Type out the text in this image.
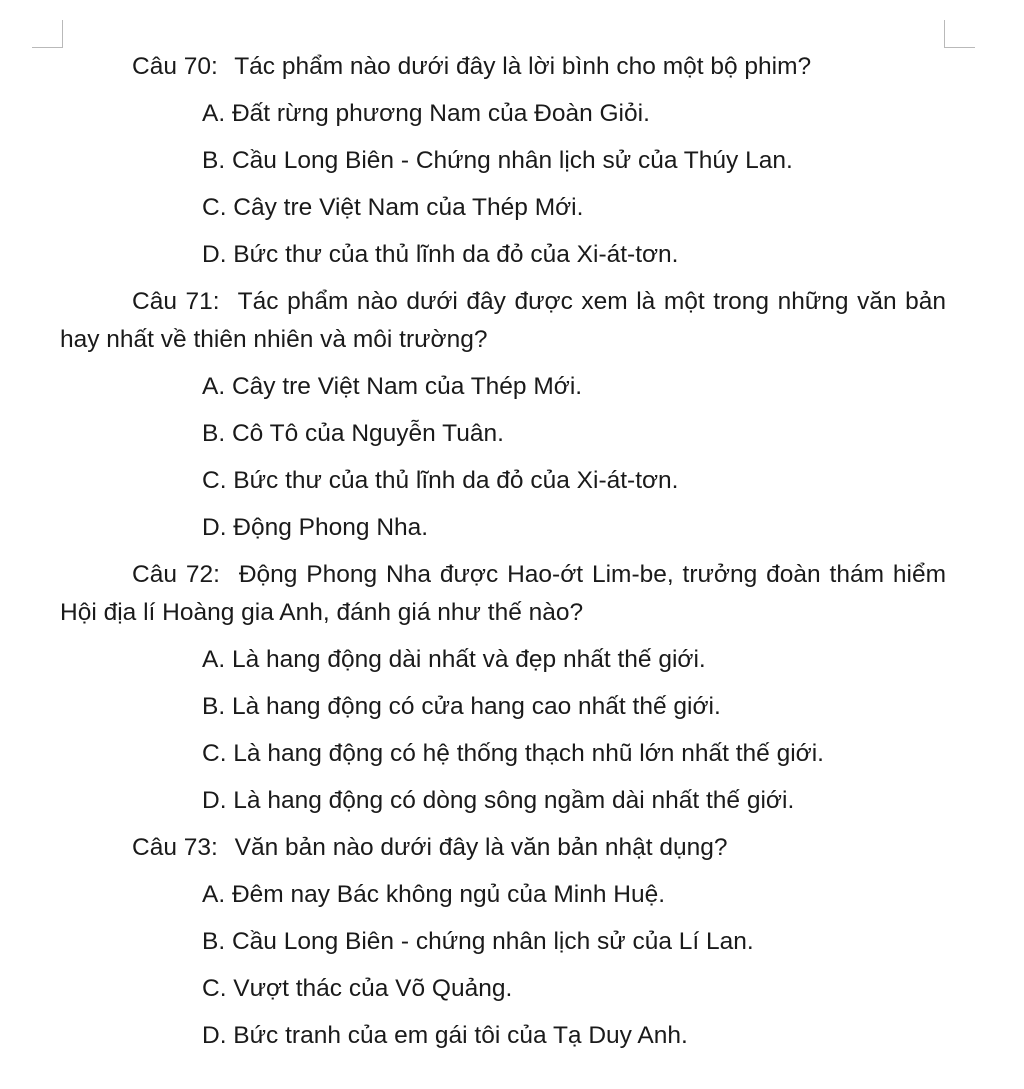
Câu 70: Tác phẩm nào dưới đây là lời bình cho một bộ phim?

A. Đất rừng phương Nam của Đoàn Giỏi.

B. Cầu Long Biên - Chứng nhân lịch sử của Thúy Lan.

C. Cây tre Việt Nam của Thép Mới.

D. Bức thư của thủ lĩnh da đỏ của Xi-át-tơn.

Câu 71: Tác phẩm nào dưới đây được xem là một trong những văn bản hay nhất về thiên nhiên và môi trường?

A. Cây tre Việt Nam của Thép Mới.

B. Cô Tô của Nguyễn Tuân.

C. Bức thư của thủ lĩnh da đỏ của Xi-át-tơn.

D. Động Phong Nha.

Câu 72: Động Phong Nha được Hao-ớt Lim-be, trưởng đoàn thám hiểm Hội địa lí Hoàng gia Anh, đánh giá như thế nào?

A. Là hang động dài nhất và đẹp nhất thế giới.

B. Là hang động có cửa hang cao nhất thế giới.

C. Là hang động có hệ thống thạch nhũ lớn nhất thế giới.

D. Là hang động có dòng sông ngầm dài nhất thế giới.

Câu 73: Văn bản nào dưới đây là văn bản nhật dụng?

A. Đêm nay Bác không ngủ của Minh Huệ.

B. Cầu Long Biên - chứng nhân lịch sử của Lí Lan.

C. Vượt thác của Võ Quảng.

D. Bức tranh của em gái tôi của Tạ Duy Anh.
